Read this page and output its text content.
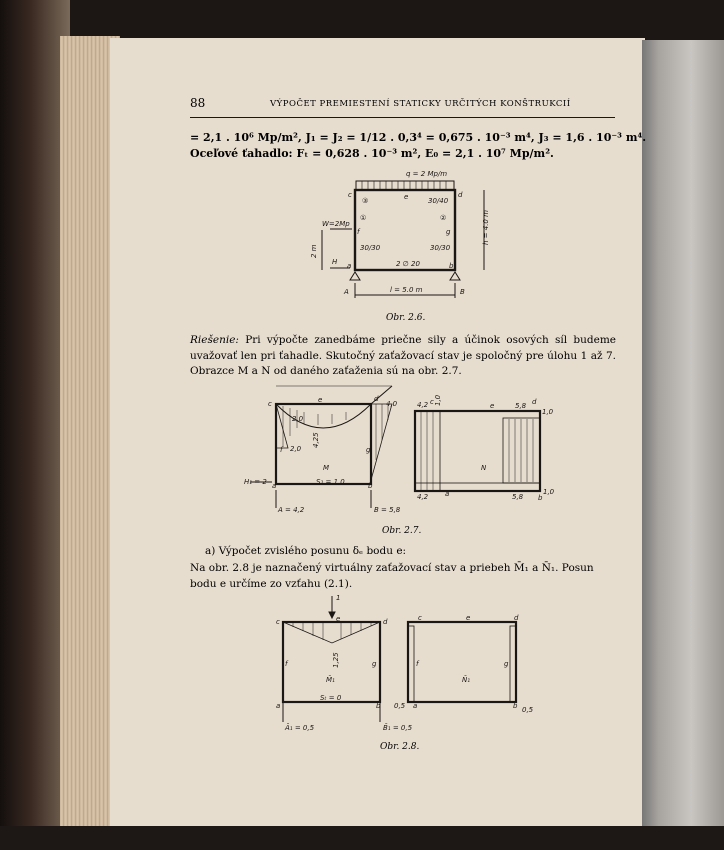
88	VÝPOČET PREMIESTENÍ STATICKY URČITÝCH KONŠTRUKCIÍ
= 2,1 . 10⁶ Mp/m², J₁ = J₂ = 1/12 . 0,3⁴ = 0,675 . 10⁻³ m⁴, J₃ = 1,6 . 10⁻³ m⁴.
Oceľové ťahadlo: Fₜ = 0,628 . 10⁻³ m², E₀ = 2,1 . 10⁷ Mp/m².
q = 2 Mp/m
W=2Mp
H
A	B
l = 5.0 m
h = 4.0 m
2 m	30/30	30/30
30/40
2 ∅ 20
①	②
③
c	d
e
f	g
a	b
Obr. 2.6.
Riešenie: Pri výpočte zanedbáme priečne sily a účinok osových síl budeme uvažovať len pri ťahadle. Skutočný zaťažovací stav je spoločný pre úlohu 1 až 7. Obrazce M a N od daného zaťaženia sú na obr. 2.7.
c
d
e
f	g
a	b
2,0
2,0
4,0
4,25
M
S₁ = 1,0
H₁ = 2
A = 4,2	B = 5,8
c	d
e
a	b
4,2 1,0	5,8
1,0
4,2	5,8
1,0
N
Obr. 2.7.
a) Výpočet zvislého posunu δₑ bodu e:
Na obr. 2.8 je naznačený virtuálny zaťažovací stav a priebeh M̄₁ a N̄₁. Posun bodu e určíme zo vzťahu (2.1).
1
c	d
e
f	g
a	b
1,25
M̄₁
Sₜ = 0
Ā₁ = 0,5	B̄₁ = 0,5
c	d
e
f	g
a	b
0,5	0,5
N̄₁
Obr. 2.8.
